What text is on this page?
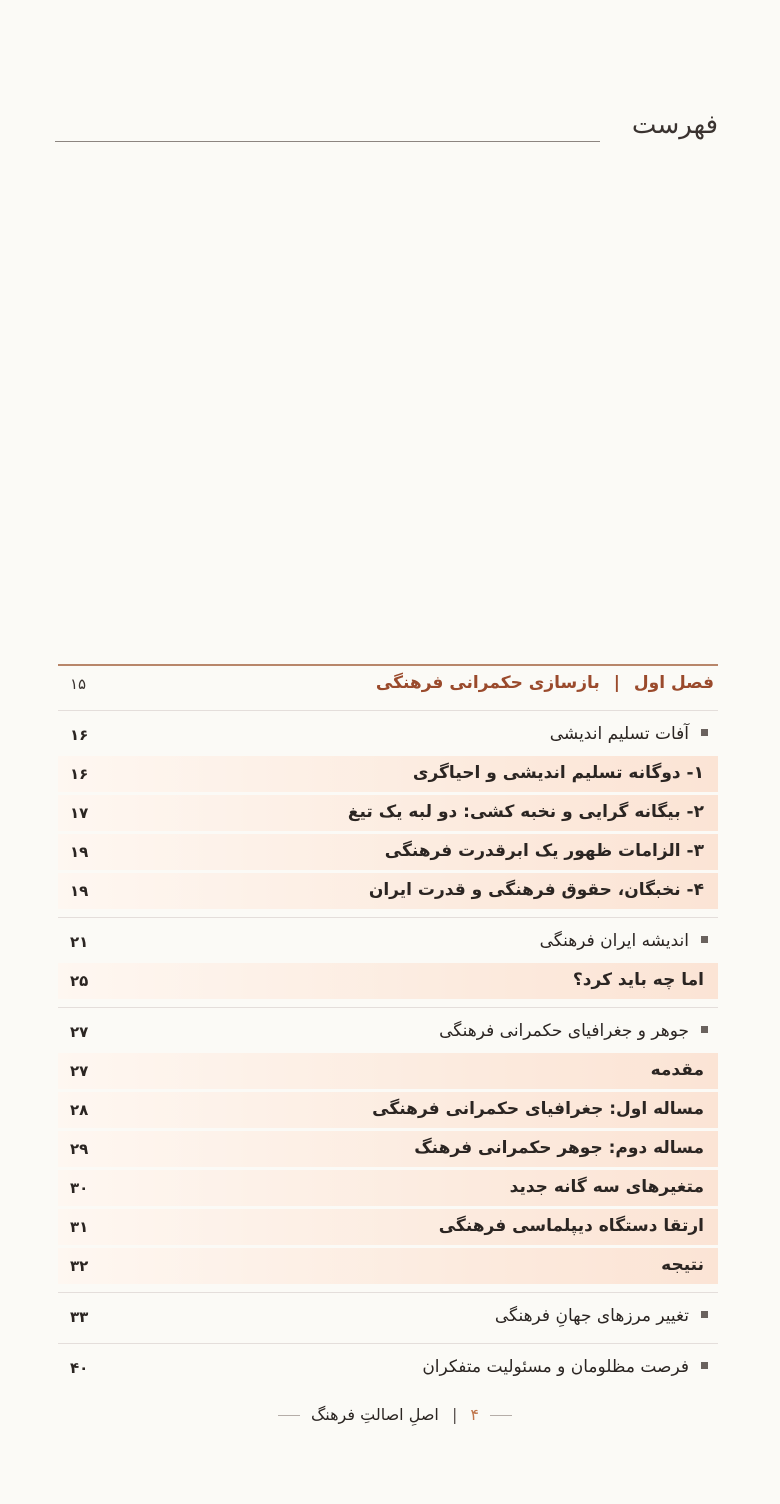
فهرست
فصل اول | بازسازی حکمرانی فرهنگی
۱۵
آفات تسلیم اندیشی
۱۶
۱- دوگانه تسلیم اندیشی و احیاگری
۱۶
۲- بیگانه گرایی و نخبه کشی: دو لبه یک تیغ
۱۷
۳- الزامات ظهور یک ابرقدرت فرهنگی
۱۹
۴- نخبگان، حقوق فرهنگی و قدرت ایران
۱۹
اندیشه ایران فرهنگی
۲۱
اما چه باید کرد؟
۲۵
جوهر و جغرافیای حکمرانی فرهنگی
۲۷
مقدمه
۲۷
مساله اول: جغرافیای حکمرانی فرهنگی
۲۸
مساله دوم: جوهر حکمرانی فرهنگ
۲۹
متغیرهای سه گانه جدید
۳۰
ارتقا دستگاه دیپلماسی فرهنگی
۳۱
نتیجه
۳۲
تغییر مرزهای جهانِ فرهنگی
۳۳
فرصت مظلومان و مسئولیت متفکران
۴۰
۴ | اصلِ اصالتِ فرهنگ
